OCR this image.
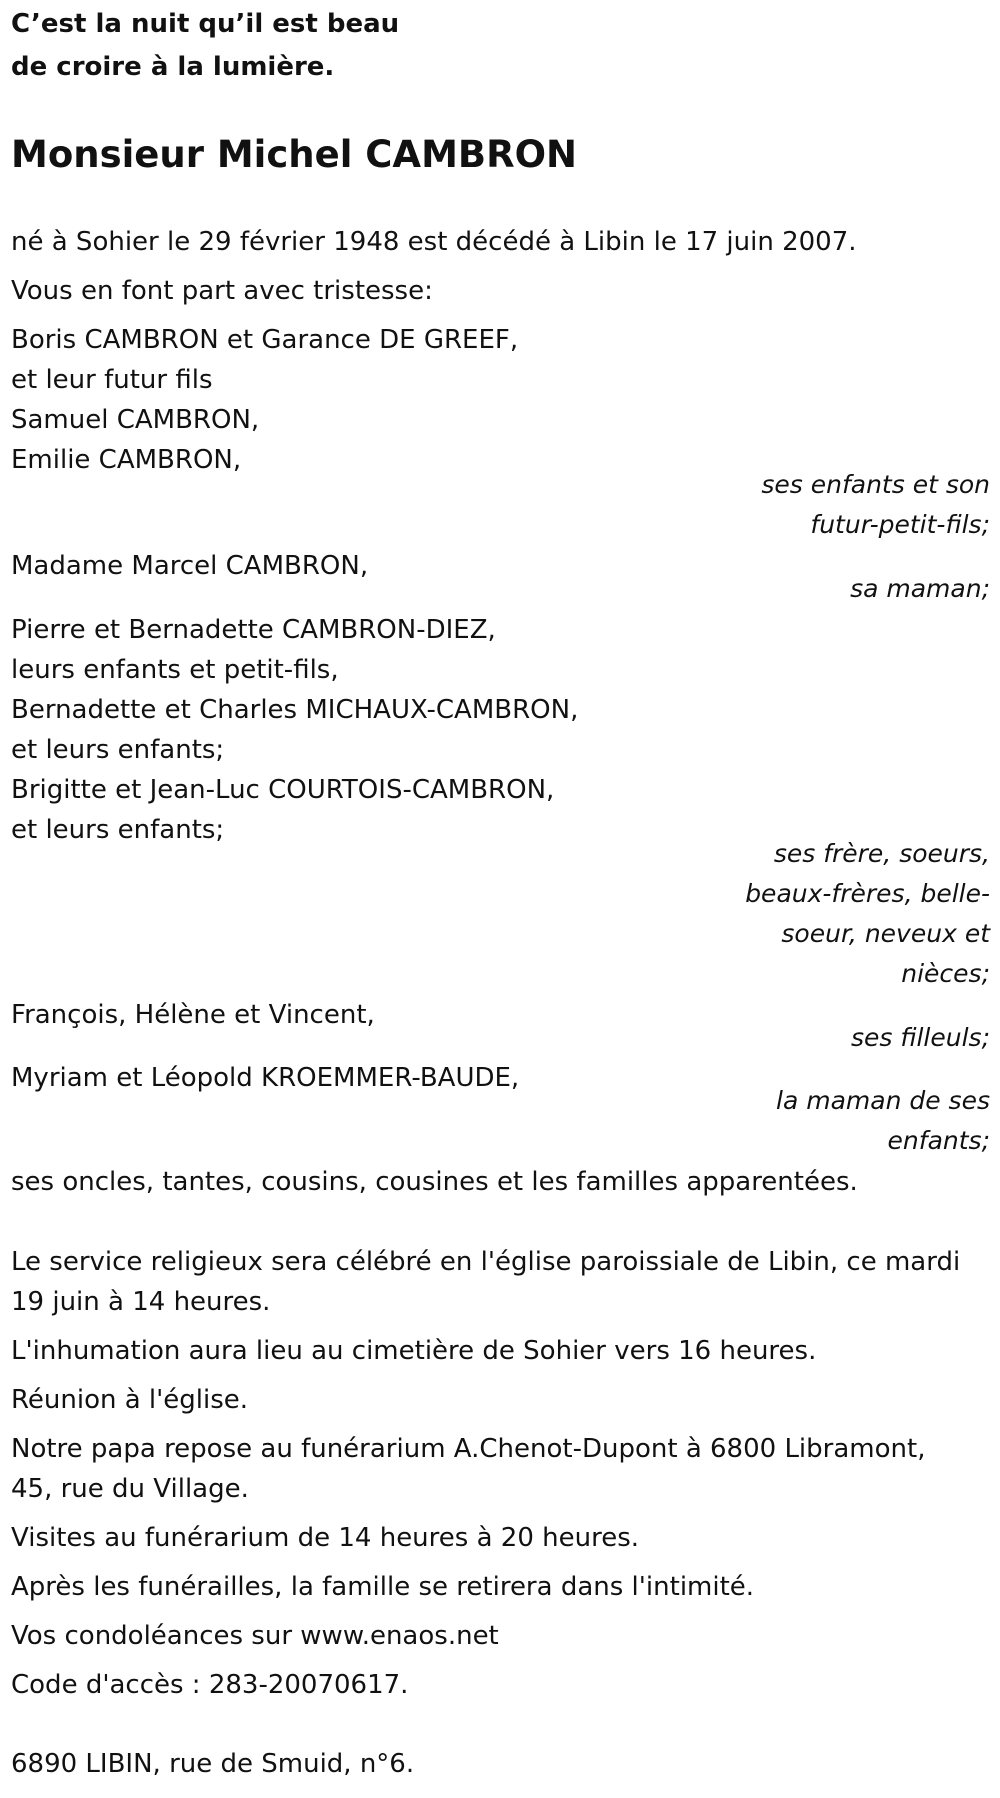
C’est la nuit qu’il est beau

de croire à la lumière.

Monsieur Michel CAMBRON

né à Sohier le 29 février 1948 est décédé à Libin le 17 juin 2007.

Vous en font part avec tristesse:

Boris CAMBRON et Garance DE GREEF,

et leur futur fils

Samuel CAMBRON,

Emilie CAMBRON,

ses enfants et son

futur-petit-fils;

Madame Marcel CAMBRON,

sa maman;

Pierre et Bernadette CAMBRON-DIEZ,

leurs enfants et petit-fils,

Bernadette et Charles MICHAUX-CAMBRON,

et leurs enfants;

Brigitte et Jean-Luc COURTOIS-CAMBRON,

et leurs enfants;

ses frère, soeurs,

beaux-frères, belle-

soeur, neveux et

nièces;

François, Hélène et Vincent,

ses filleuls;

Myriam et Léopold KROEMMER-BAUDE,

la maman de ses

enfants;

ses oncles, tantes, cousins, cousines et les familles apparentées.

Le service religieux sera célébré en l'église paroissiale de Libin, ce mardi

19 juin à 14 heures.

L'inhumation aura lieu au cimetière de Sohier vers 16 heures.

Réunion à l'église.

Notre papa repose au funérarium A.Chenot-Dupont à 6800 Libramont,

45, rue du Village.

Visites au funérarium de 14 heures à 20 heures.

Après les funérailles, la famille se retirera dans l'intimité.

Vos condoléances sur www.enaos.net

Code d'accès : 283-20070617.

6890 LIBIN, rue de Smuid, n°6.
